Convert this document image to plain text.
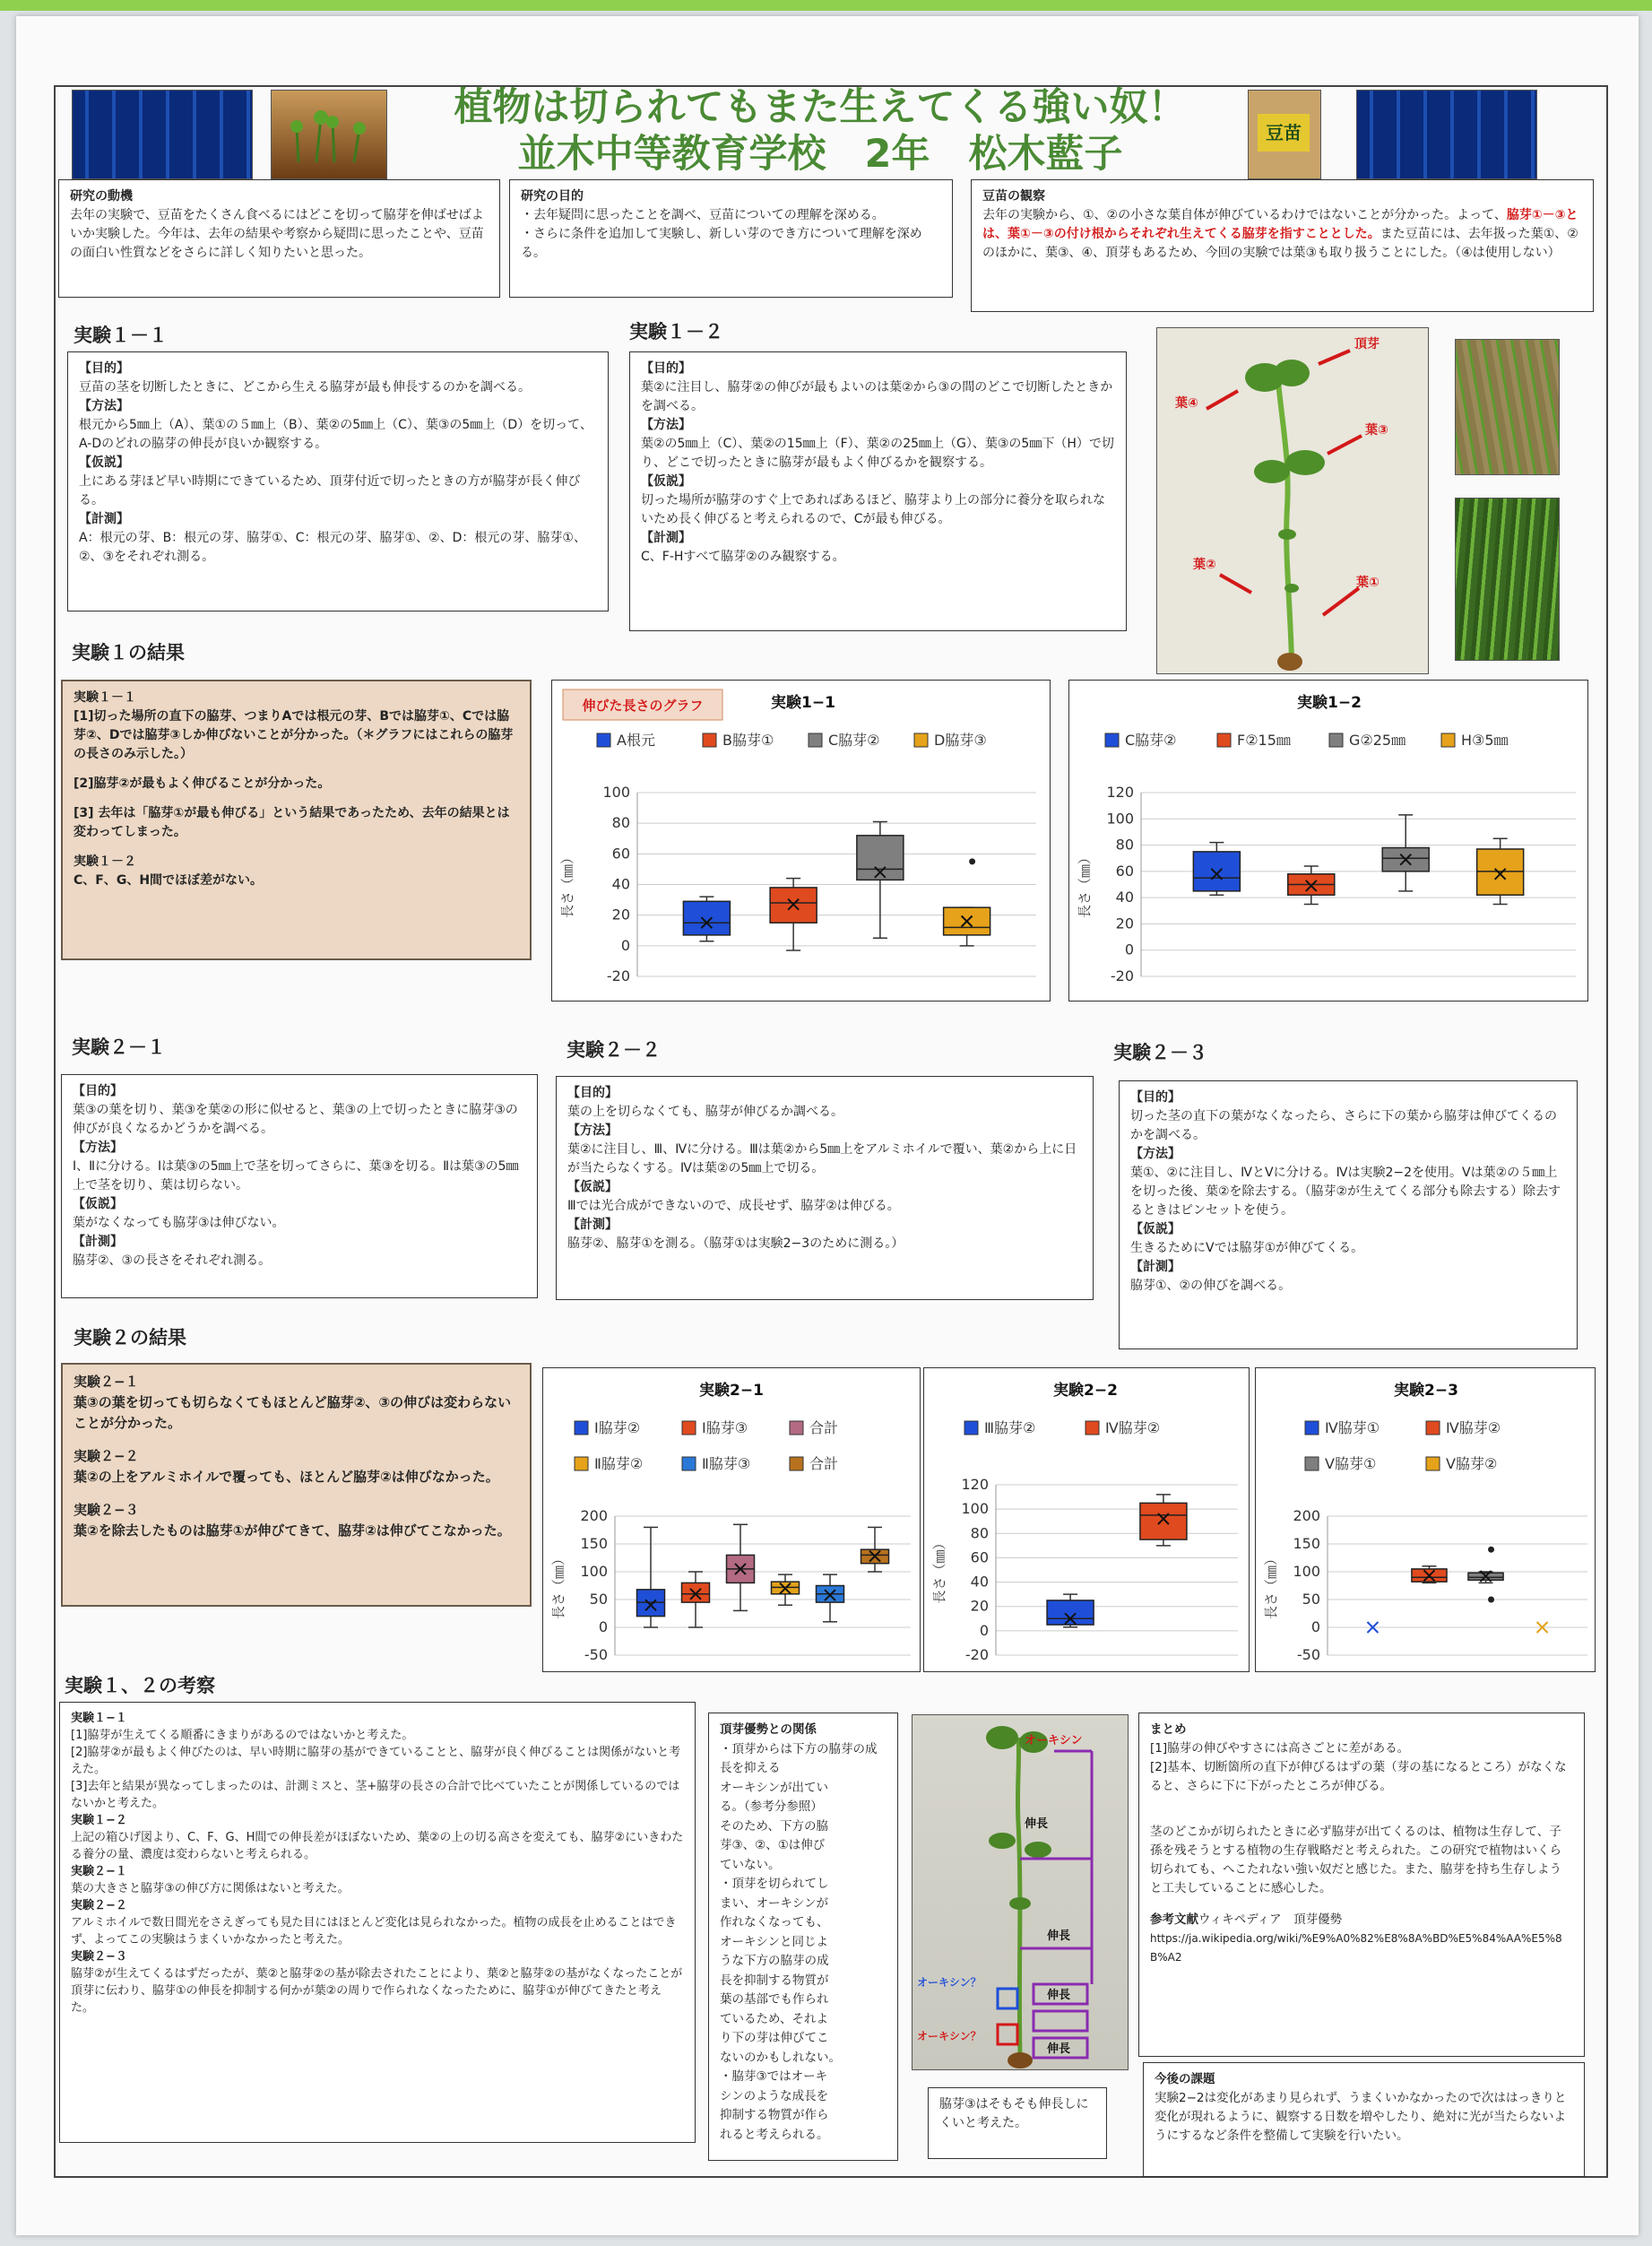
豆苗
植物は切られてもまた生えてくる強い奴！
並木中等教育学校　2年　松木藍子
研究の動機
去年の実験で、豆苗をたくさん食べるにはどこを切って脇芽を伸ばせばよいか実験した。今年は、去年の結果や考察から疑問に思ったことや、豆苗の面白い性質などをさらに詳しく知りたいと思った。
研究の目的
・去年疑問に思ったことを調べ、豆苗についての理解を深める。
・さらに条件を追加して実験し、新しい芽のでき方について理解を深める。
豆苗の観察
去年の実験から、①、②の小さな葉自体が伸びているわけではないことが分かった。よって、脇芽①－③とは、葉①－③の付け根からそれぞれ生えてくる脇芽を指すこととした。また豆苗には、去年扱った葉①、②のほかに、葉③、④、頂芽もあるため、今回の実験では葉③も取り扱うことにした。（④は使用しない）
実験１－１
【目的】
豆苗の茎を切断したときに、どこから生える脇芽が最も伸長するのかを調べる。
【方法】
根元から5㎜上（A）、葉①の５㎜上（B）、葉②の5㎜上（C）、葉③の5㎜上（D）を切って、A-Dのどれの脇芽の伸長が良いか観察する。
【仮説】
上にある芽ほど早い時期にできているため、頂芽付近で切ったときの方が脇芽が長く伸びる。
【計測】
A：根元の芽、B：根元の芽、脇芽①、C：根元の芽、脇芽①、②、D：根元の芽、脇芽①、②、③をそれぞれ測る。
実験１－２
【目的】
葉②に注目し、脇芽②の伸びが最もよいのは葉②から③の間のどこで切断したときかを調べる。
【方法】
葉②の5㎜上（C）、葉②の15㎜上（F）、葉②の25㎜上（G）、葉③の5㎜下（H）で切り、どこで切ったときに脇芽が最もよく伸びるかを観察する。
【仮説】
切った場所が脇芽のすぐ上であればあるほど、脇芽より上の部分に養分を取られないため長く伸びると考えられるので、Cが最も伸びる。
【計測】
C、F-Hすべて脇芽②のみ観察する。
頂芽
葉④
葉③
葉②
葉①
実験１の結果
実験１－１
[1]切った場所の直下の脇芽、つまりAでは根元の芽、Bでは脇芽①、Cでは脇芽②、Dでは脇芽③しか伸びないことが分かった。（＊グラフにはこれらの脇芽の長さのみ示した。）
[2]脇芽②が最もよく伸びることが分かった。
[3] 去年は「脇芽①が最も伸びる」という結果であったため、去年の結果とは変わってしまった。
実験１－２
C、F、G、H間でほぼ差がない。
実験1−1
伸びた長さのグラフ
A根元	B脇芽①	C脇芽②	D脇芽③
-20
0
20
40
60
80
100
長さ（㎜）
実験1−2
C脇芽②	F②15㎜	G②25㎜	H③5㎜
-20
0
20
40
60
80
100
120
長さ（㎜）
実験２－１
【目的】
葉③の葉を切り、葉③を葉②の形に似せると、葉③の上で切ったときに脇芽③の伸びが良くなるかどうかを調べる。
【方法】
Ⅰ、Ⅱに分ける。Ⅰは葉③の5㎜上で茎を切ってさらに、葉③を切る。Ⅱは葉③の5㎜上で茎を切り、葉は切らない。
【仮説】
葉がなくなっても脇芽③は伸びない。
【計測】
脇芽②、③の長さをそれぞれ測る。
実験２－２
【目的】
葉の上を切らなくても、脇芽が伸びるか調べる。
【方法】
葉②に注目し、Ⅲ、Ⅳに分ける。Ⅲは葉②から5㎜上をアルミホイルで覆い、葉②から上に日が当たらなくする。Ⅳは葉②の5㎜上で切る。
【仮説】
Ⅲでは光合成ができないので、成長せず、脇芽②は伸びる。
【計測】
脇芽②、脇芽①を測る。（脇芽①は実験2−3のために測る。）
実験２－３
【目的】
切った茎の直下の葉がなくなったら、さらに下の葉から脇芽は伸びてくるのかを調べる。
【方法】
葉①、②に注目し、ⅣとⅤに分ける。Ⅳは実験2−2を使用。Ⅴは葉②の５㎜上を切った後、葉②を除去する。（脇芽②が生えてくる部分も除去する）除去するときはピンセットを使う。
【仮説】
生きるためにⅤでは脇芽①が伸びてくる。
【計測】
脇芽①、②の伸びを調べる。
実験２の結果
実験２−１
葉③の葉を切っても切らなくてもほとんど脇芽②、③の伸びは変わらないことが分かった。
実験２−２
葉②の上をアルミホイルで覆っても、ほとんど脇芽②は伸びなかった。
実験２−３
葉②を除去したものは脇芽①が伸びてきて、脇芽②は伸びてこなかった。
実験2−1
Ⅰ脇芽②	Ⅰ脇芽③	合計
Ⅱ脇芽②	Ⅱ脇芽③	合計
-50
0
50
100
150
200
長さ（㎜）
実験2−2
Ⅲ脇芽②	Ⅳ脇芽②
-20
0
20
40
60
80
100
120
長さ（㎜）
実験2−3
Ⅳ脇芽①	Ⅳ脇芽②
Ⅴ脇芽①	Ⅴ脇芽②
-50
0
50
100
150
200
長さ（㎜）
実験１、２の考察
実験１−１
[1]脇芽が生えてくる順番にきまりがあるのではないかと考えた。
[2]脇芽②が最もよく伸びたのは、早い時期に脇芽の基ができていることと、脇芽が良く伸びることは関係がないと考えた。
[3]去年と結果が異なってしまったのは、計測ミスと、茎+脇芽の長さの合計で比べていたことが関係しているのではないかと考えた。
実験１−２
上記の箱ひげ図より、C、F、G、H間での伸長差がほぼないため、葉②の上の切る高さを変えても、脇芽②にいきわたる養分の量、濃度は変わらないと考えられる。
実験２−１
葉の大きさと脇芽③の伸び方に関係はないと考えた。
実験２−２
アルミホイルで数日間光をさえぎっても見た目にはほとんど変化は見られなかった。植物の成長を止めることはできず、よってこの実験はうまくいかなかったと考えた。
実験２−３
脇芽②が生えてくるはずだったが、葉②と脇芽②の基が除去されたことにより、葉②と脇芽②の基がなくなったことが頂芽に伝わり、脇芽①の伸長を抑制する何かが葉②の周りで作られなくなったために、脇芽①が伸びてきたと考えた。
頂芽優勢との関係
・頂芽からは下方の脇芽の成長を抑える
オーキシンが出てい
る。（参考分参照）
そのため、下方の脇
芽③、②、①は伸び
ていない。
・頂芽を切られてし
まい、オーキシンが
作れなくなっても、
オーキシンと同じよ
うな下方の脇芽の成
長を抑制する物質が
葉の基部でも作られ
ているため、それよ
り下の芽は伸びてこ
ないのかもしれない。
・脇芽③ではオーキ
シンのような成長を
抑制する物質が作ら
れると考えられる。
オーキシン
伸長
伸長
伸長
伸長
オーキシン？
オーキシン？
脇芽③はそもそも伸長しにくいと考えた。
まとめ
[1]脇芽の伸びやすさには高さごとに差がある。
[2]基本、切断箇所の直下が伸びるはずの葉（芽の基になるところ）がなくなると、さらに下に下がったところが伸びる。
茎のどこかが切られたときに必ず脇芽が出てくるのは、植物は生存して、子孫を残そうとする植物の生存戦略だと考えられた。この研究で植物はいくら切られても、へこたれない強い奴だと感じた。また、脇芽を持ち生存しようと工夫していることに感心した。
参考文献ウィキペディア　頂芽優勢
https://ja.wikipedia.org/wiki/%E9%A0%82%E8%8A%BD%E5%84%AA%E5%8B%A2
今後の課題
実験2−2は変化があまり見られず、うまくいかなかったので次ははっきりと変化が現れるように、観察する日数を増やしたり、絶対に光が当たらないようにするなど条件を整備して実験を行いたい。
